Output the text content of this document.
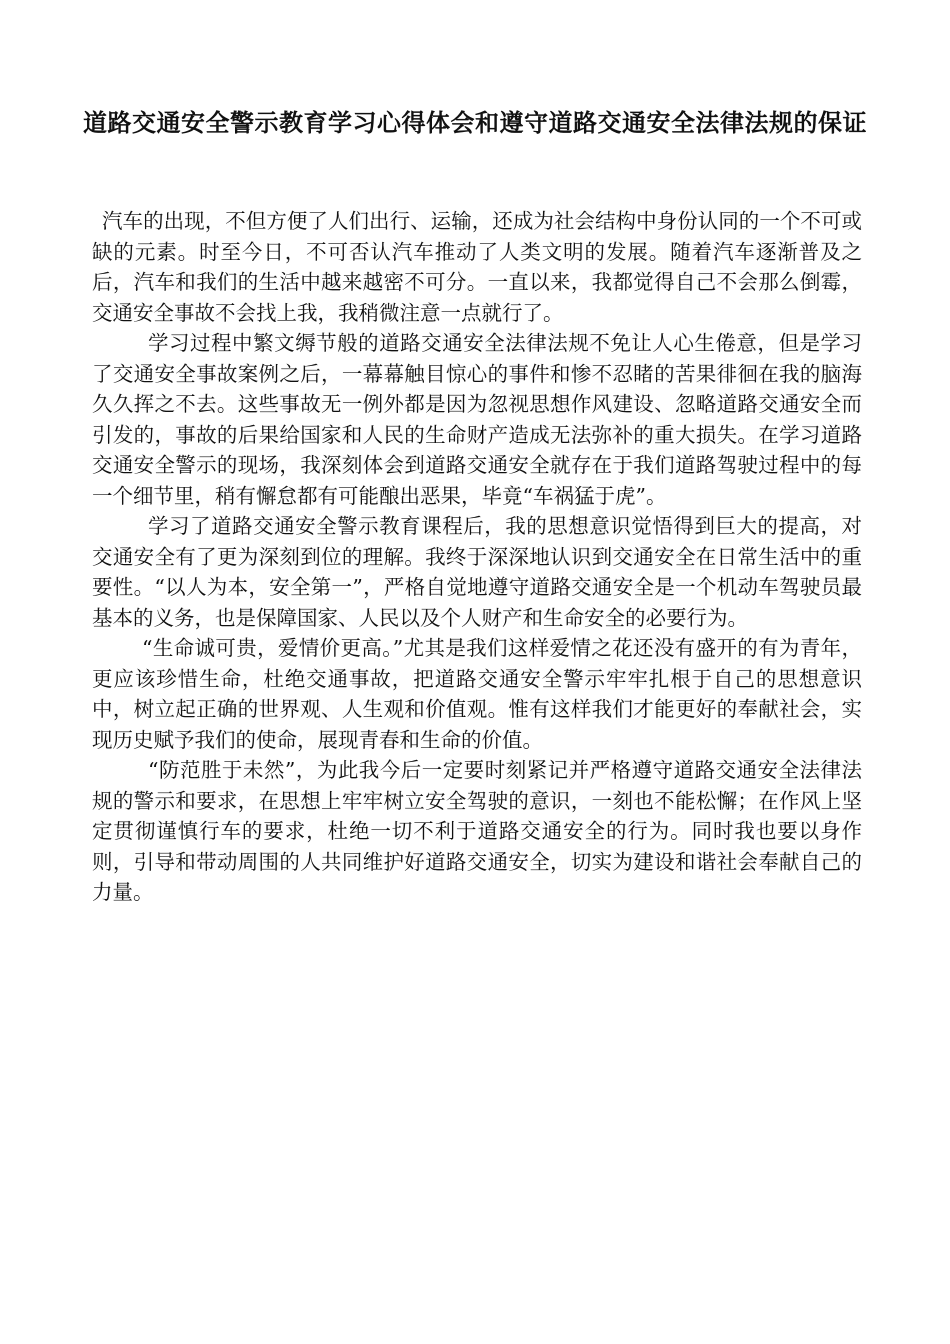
道路交通安全警示教育学习心得体会和遵守道路交通安全法律法规的保证

汽车的出现，不但方便了人们出行、运输，还成为社会结构中身份认同的一个不可或缺的元素。时至今日，不可否认汽车推动了人类文明的发展。随着汽车逐渐普及之后，汽车和我们的生活中越来越密不可分。一直以来，我都觉得自己不会那么倒霉，交通安全事故不会找上我，我稍微注意一点就行了。

学习过程中繁文缛节般的道路交通安全法律法规不免让人心生倦意，但是学习了交通安全事故案例之后，一幕幕触目惊心的事件和惨不忍睹的苦果徘徊在我的脑海久久挥之不去。这些事故无一例外都是因为忽视思想作风建设、忽略道路交通安全而引发的，事故的后果给国家和人民的生命财产造成无法弥补的重大损失。在学习道路交通安全警示的现场，我深刻体会到道路交通安全就存在于我们道路驾驶过程中的每一个细节里，稍有懈怠都有可能酿出恶果，毕竟“车祸猛于虎”。

学习了道路交通安全警示教育课程后，我的思想意识觉悟得到巨大的提高，对交通安全有了更为深刻到位的理解。我终于深深地认识到交通安全在日常生活中的重要性。“以人为本，安全第一”，严格自觉地遵守道路交通安全是一个机动车驾驶员最基本的义务，也是保障国家、人民以及个人财产和生命安全的必要行为。

“生命诚可贵，爱情价更高。”尤其是我们这样爱情之花还没有盛开的有为青年，更应该珍惜生命，杜绝交通事故，把道路交通安全警示牢牢扎根于自己的思想意识中，树立起正确的世界观、人生观和价值观。惟有这样我们才能更好的奉献社会，实现历史赋予我们的使命，展现青春和生命的价值。

“防范胜于未然”，为此我今后一定要时刻紧记并严格遵守道路交通安全法律法规的警示和要求，在思想上牢牢树立安全驾驶的意识，一刻也不能松懈；在作风上坚定贯彻谨慎行车的要求，杜绝一切不利于道路交通安全的行为。同时我也要以身作则，引导和带动周围的人共同维护好道路交通安全，切实为建设和谐社会奉献自己的力量。
